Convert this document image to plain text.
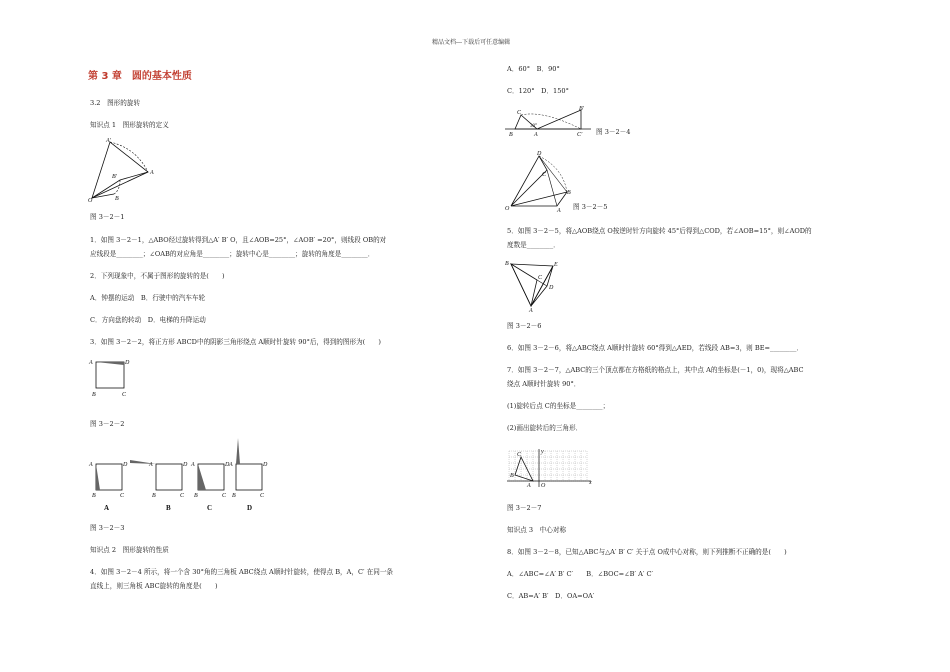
精品文档---下载后可任意编辑
第 3 章　圆的基本性质
3.2　图形的旋转
知识点 1　图形旋转的定义
A′
B′
A
O	B
图 3－2－1
1．如图 3－2－1，△ABO经过旋转得到△A′ B′ O，且∠AOB=25°，∠AOB′ =20°，则线段 OB的对
应线段是________；∠OAB的对应角是________；旋转中心是________；旋转的角度是________．
2．下列现象中，不属于图形的旋转的是(　　)
A．钟摆的运动　B．行驶中的汽车车轮
C．方向盘的转动　D．电梯的升降运动
3．如图 3－2－2，将正方形 ABCD中的阴影三角形绕点 A顺时针旋转 90°后，得到的图形为(　　)
A	D
B	C
图 3－2－2
A	D
B	C
A	D
B	C
A	D
B	C
A	D
B	C
A	B	C	D
图 3－2－3
知识点 2　图形旋转的性质
4．如图 3－2－4 所示，将一个含 30°角的三角板 ABC绕点 A顺时针旋转，使得点 B，A，C′ 在同一条
直线上，则三角板 ABC旋转的角度是(　　)
A．60°　B．90°
C．120°　D．150°
C
B′
30°
B	A	C′ 图 3－2－4
D
C
B
A
O	图 3－2－5
5．如图 3－2－5，将△AOB绕点 O按逆时针方向旋转 45°后得到△COD，若∠AOB=15°，则∠AOD的
度数是________．
B	E
C
D
A
图 3－2－6
6．如图 3－2－6，将△ABC绕点 A顺时针旋转 60°得到△AED，若线段 AB=3，则 BE=________．
7．如图 3－2－7，△ABC的三个顶点都在方格纸的格点上，其中点 A的坐标是(－1，0)，现将△ABC
绕点 A顺时针旋转 90°．
(1)旋转后点 C的坐标是________；
(2)画出旋转后的三角形．
C
A
B
O	x
y
图 3－2－7
知识点 3　中心对称
8．如图 3－2－8，已知△ABC与△A′ B′ C′ 关于点 O成中心对称，则下列推断不正确的是(　　)
A．∠ABC=∠A′ B′ C′　　B．∠BOC=∠B′ A′ C′
C．AB=A′ B′　D．OA=OA′
